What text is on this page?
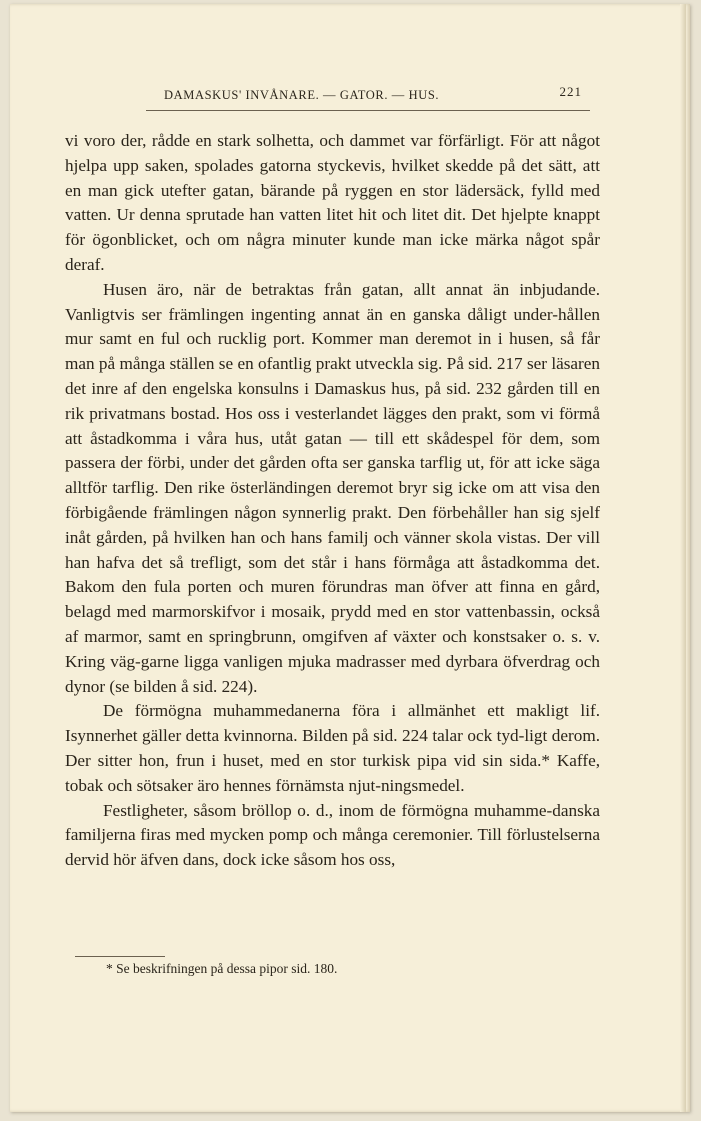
DAMASKUS' INVÅNARE. — GATOR. — HUS.	221

vi voro der, rådde en stark solhetta, och dammet var förfärligt. För att något hjelpa upp saken, spolades gatorna styckevis, hvilket skedde på det sätt, att en man gick utefter gatan, bärande på ryggen en stor lädersäck, fylld med vatten. Ur denna sprutade han vatten litet hit och litet dit. Det hjelpte knappt för ögonblicket, och om några minuter kunde man icke märka något spår deraf.

Husen äro, när de betraktas från gatan, allt annat än inbjudande. Vanligtvis ser främlingen ingenting annat än en ganska dåligt under-hållen mur samt en ful och rucklig port. Kommer man deremot in i husen, så får man på många ställen se en ofantlig prakt utveckla sig. På sid. 217 ser läsaren det inre af den engelska konsulns i Damaskus hus, på sid. 232 gården till en rik privatmans bostad. Hos oss i vesterlandet lägges den prakt, som vi förmå att åstadkomma i våra hus, utåt gatan — till ett skådespel för dem, som passera der förbi, under det gården ofta ser ganska tarflig ut, för att icke säga alltför tarflig. Den rike österländingen deremot bryr sig icke om att visa den förbigående främlingen någon synnerlig prakt. Den förbehåller han sig sjelf inåt gården, på hvilken han och hans familj och vänner skola vistas. Der vill han hafva det så trefligt, som det står i hans förmåga att åstadkomma det. Bakom den fula porten och muren förundras man öfver att finna en gård, belagd med marmorskifvor i mosaik, prydd med en stor vattenbassin, också af marmor, samt en springbrunn, omgifven af växter och konstsaker o. s. v. Kring väg-garne ligga vanligen mjuka madrasser med dyrbara öfverdrag och dynor (se bilden å sid. 224).

De förmögna muhammedanerna föra i allmänhet ett makligt lif. Isynnerhet gäller detta kvinnorna. Bilden på sid. 224 talar ock tyd-ligt derom. Der sitter hon, frun i huset, med en stor turkisk pipa vid sin sida.* Kaffe, tobak och sötsaker äro hennes förnämsta njut-ningsmedel.

Festligheter, såsom bröllop o. d., inom de förmögna muhamme-danska familjerna firas med mycken pomp och många ceremonier. Till förlustelserna dervid hör äfven dans, dock icke såsom hos oss,

* Se beskrifningen på dessa pipor sid. 180.
